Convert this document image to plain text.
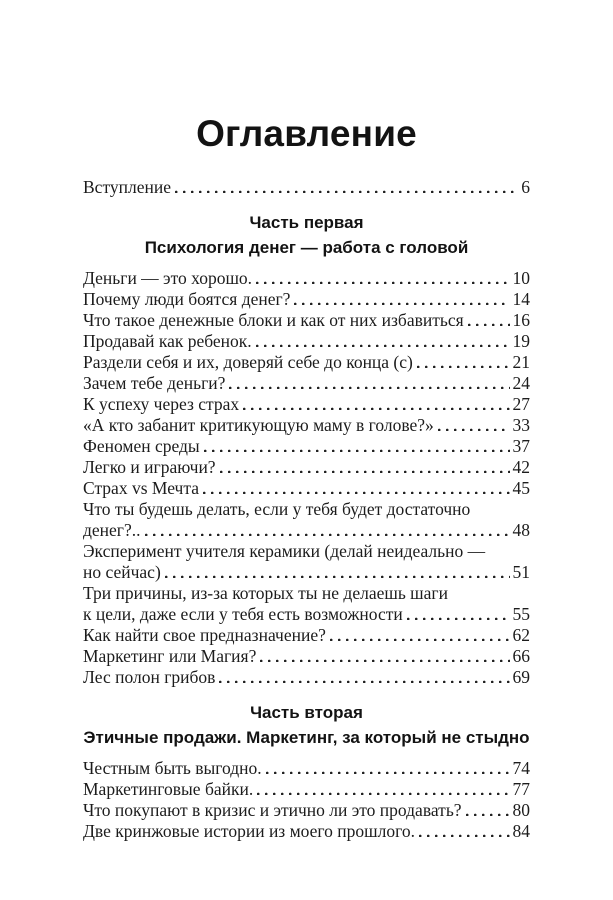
Оглавление
Вступление	6
Часть первая
Психология денег — работа с головой
Деньги — это хорошо.	10
Почему люди боятся денег?	14
Что такое денежные блоки и как от них избавиться	16
Продавай как ребенок.	19
Раздели себя и их, доверяй себе до конца (с)	21
Зачем тебе деньги?	24
К успеху через страх	27
«А кто забанит критикующую маму в голове?»	33
Феномен среды	37
Легко и играючи?	42
Страх vs Мечта	45
Что ты будешь делать, если у тебя будет достаточно
денег?..	48
Эксперимент учителя керамики (делай неидеально —
но сейчас)	51
Три причины, из-за которых ты не делаешь шаги
к цели, даже если у тебя есть возможности	55
Как найти свое предназначение?	62
Маркетинг или Магия?	66
Лес полон грибов	69
Часть вторая
Этичные продажи. Маркетинг, за который не стыдно
Честным быть выгодно.	74
Маркетинговые байки.	77
Что покупают в кризис и этично ли это продавать?	80
Две кринжовые истории из моего прошлого.	84
